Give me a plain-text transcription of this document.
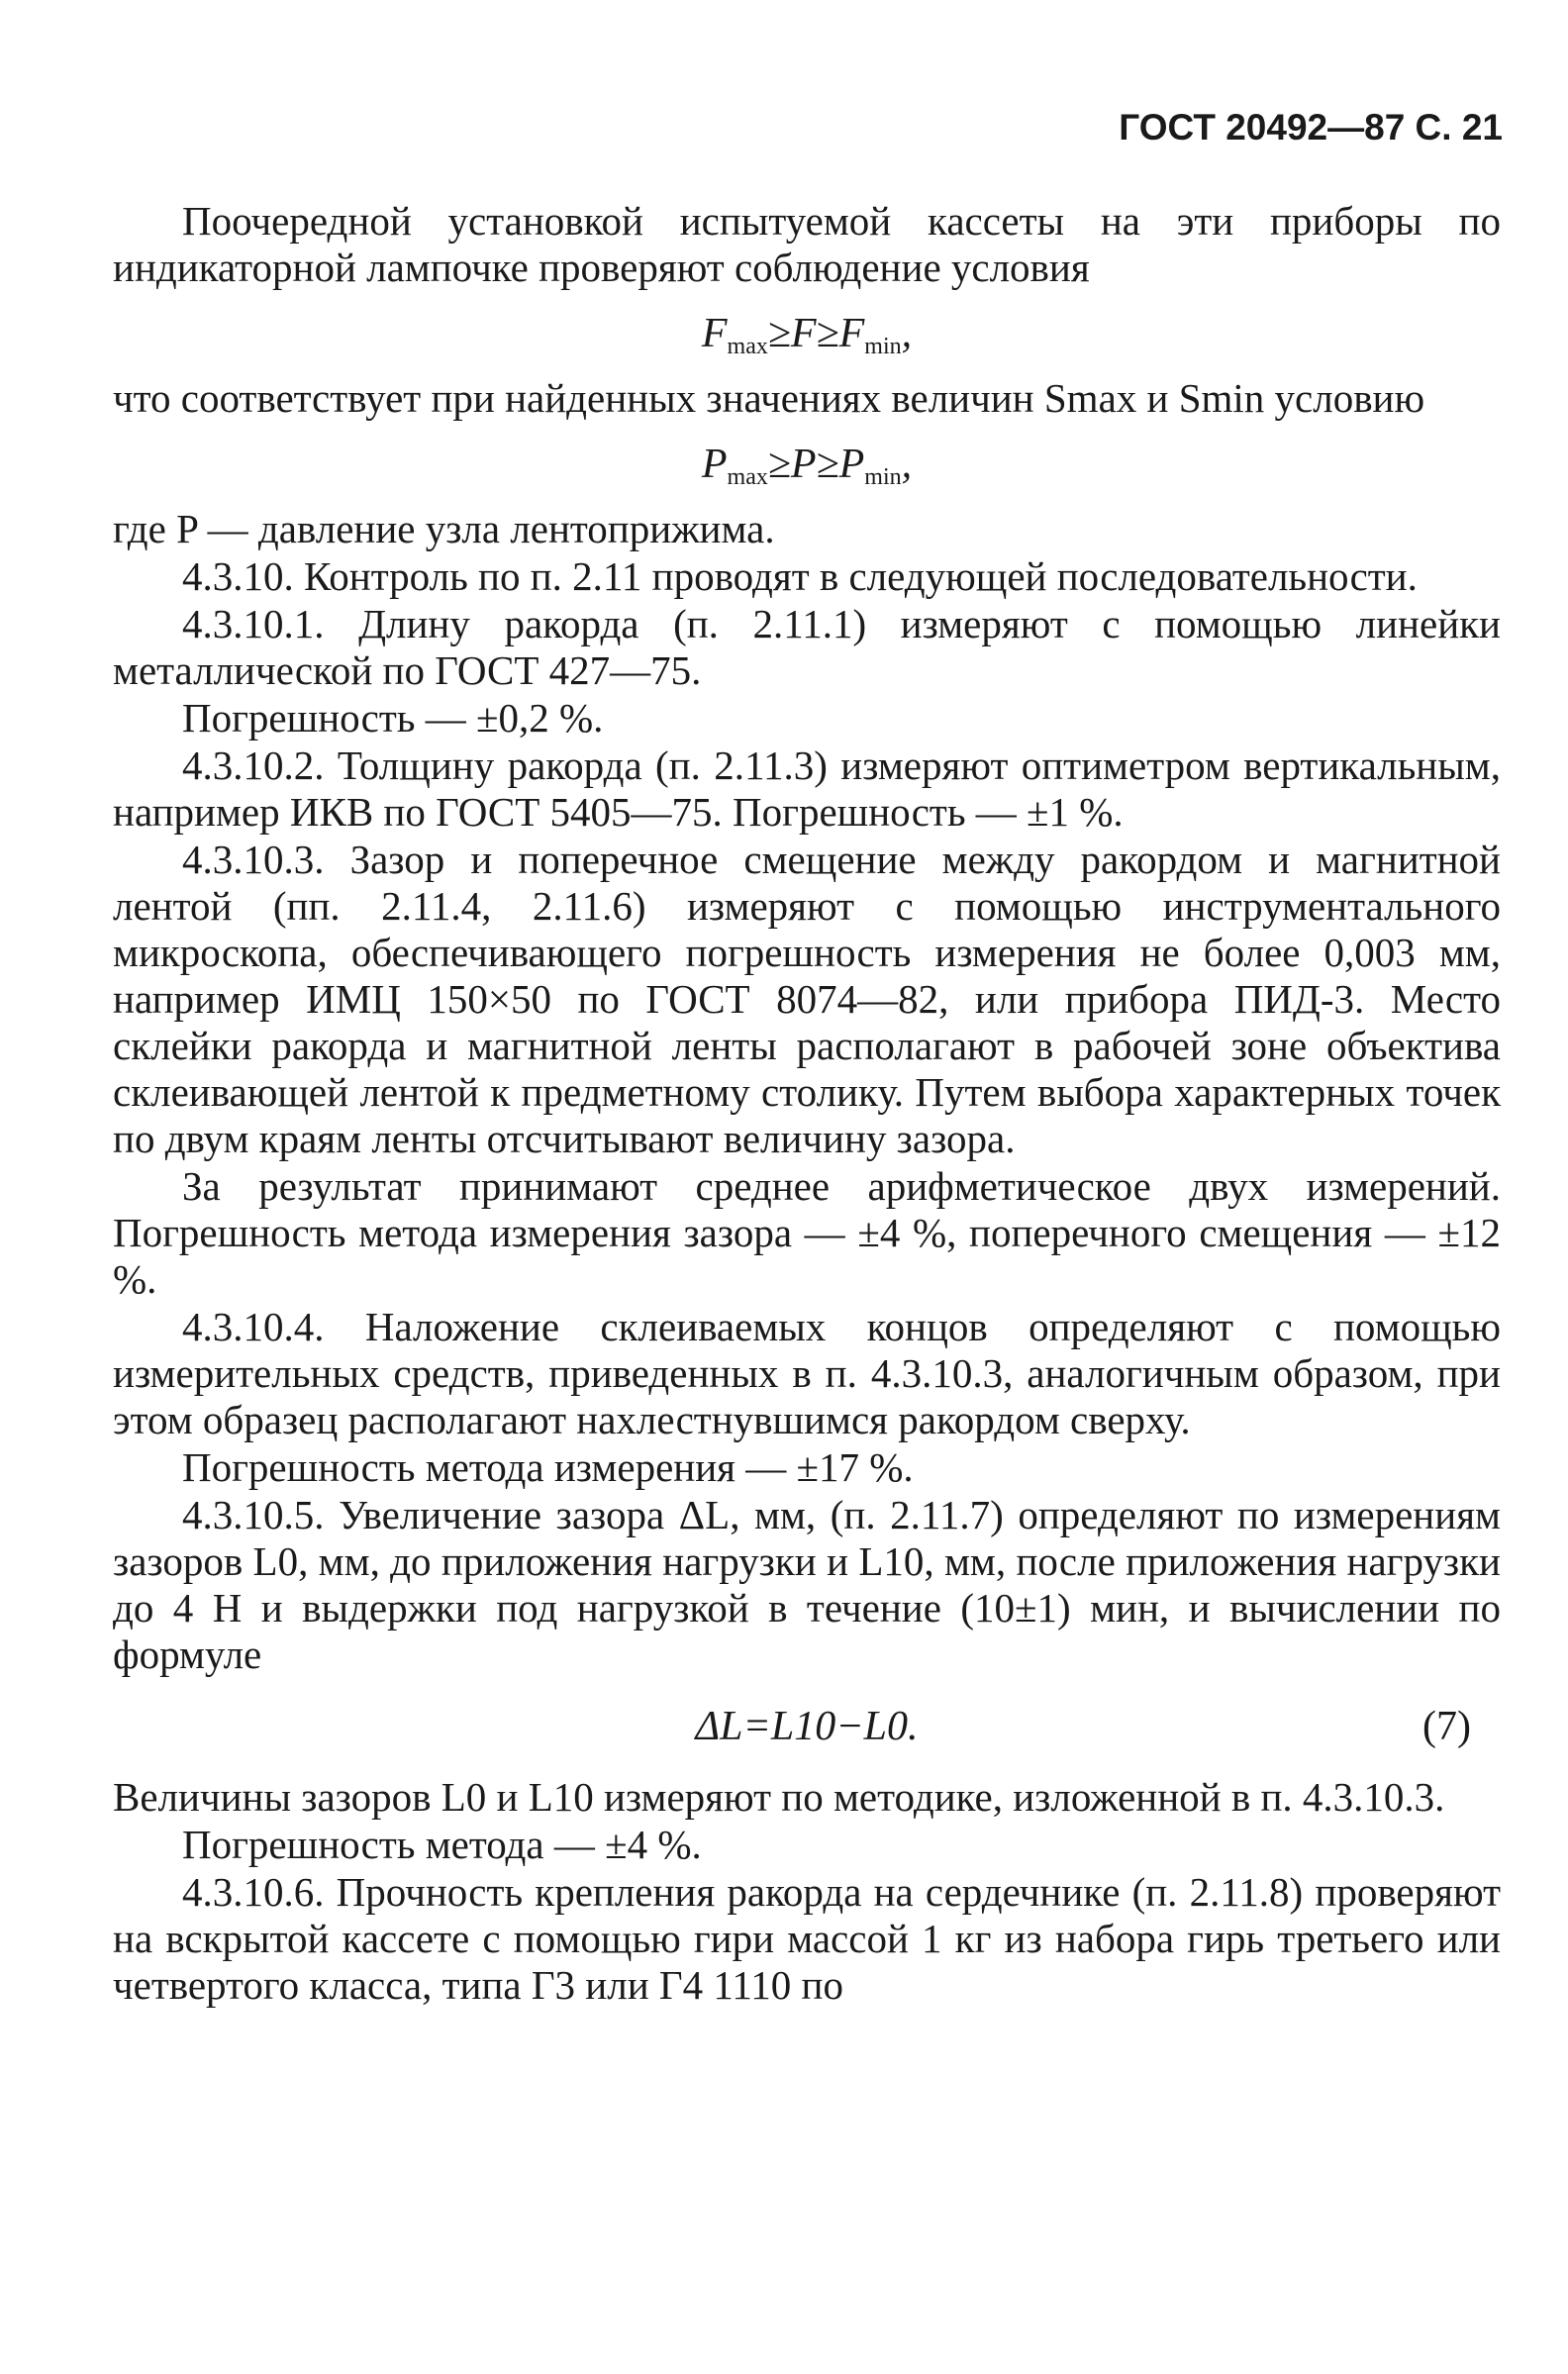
ГОСТ 20492—87 С. 21

Поочередной установкой испытуемой кассеты на эти приборы по индикаторной лампочке проверяют соблюдение условия

$F_{max}\ge F\ge F_{min}$,

что соответствует при найденных значениях величин Smax и Smin условию

$P_{max}\ge P\ge P_{min}$,

где P — давление узла лентоприжима.

4.3.10. Контроль по п. 2.11 проводят в следующей последовательности.

4.3.10.1. Длину ракорда (п. 2.11.1) измеряют с помощью линейки металлической по ГОСТ 427—75.

Погрешность — ±0,2 %.

4.3.10.2. Толщину ракорда (п. 2.11.3) измеряют оптиметром вертикальным, например ИКВ по ГОСТ 5405—75. Погрешность — ±1 %.

4.3.10.3. Зазор и поперечное смещение между ракордом и магнитной лентой (пп. 2.11.4, 2.11.6) измеряют с помощью инструментального микроскопа, обеспечивающего погрешность измерения не более 0,003 мм, например ИМЦ 150×50 по ГОСТ 8074—82, или прибора ПИД-3. Место склейки ракорда и магнитной ленты располагают в рабочей зоне объектива склеивающей лентой к предметному столику. Путем выбора характерных точек по двум краям ленты отсчитывают величину зазора.

За результат принимают среднее арифметическое двух измерений. Погрешность метода измерения зазора — ±4 %, поперечного смещения — ±12 %.

4.3.10.4. Наложение склеиваемых концов определяют с помощью измерительных средств, приведенных в п. 4.3.10.3, аналогичным образом, при этом образец располагают нахлестнувшимся ракордом сверху.

Погрешность метода измерения — ±17 %.

4.3.10.5. Увеличение зазора ΔL, мм, (п. 2.11.7) определяют по измерениям зазоров L0, мм, до приложения нагрузки и L10, мм, после приложения нагрузки до 4 Н и выдержки под нагрузкой в течение (10±1) мин, и вычислении по формуле

ΔL=L10−L0.	(7)

Величины зазоров L0 и L10 измеряют по методике, изложенной в п. 4.3.10.3.

Погрешность метода — ±4 %.

4.3.10.6. Прочность крепления ракорда на сердечнике (п. 2.11.8) проверяют на вскрытой кассете с помощью гири массой 1 кг из набора гирь третьего или четвертого класса, типа Г3 или Г4 1110 по
